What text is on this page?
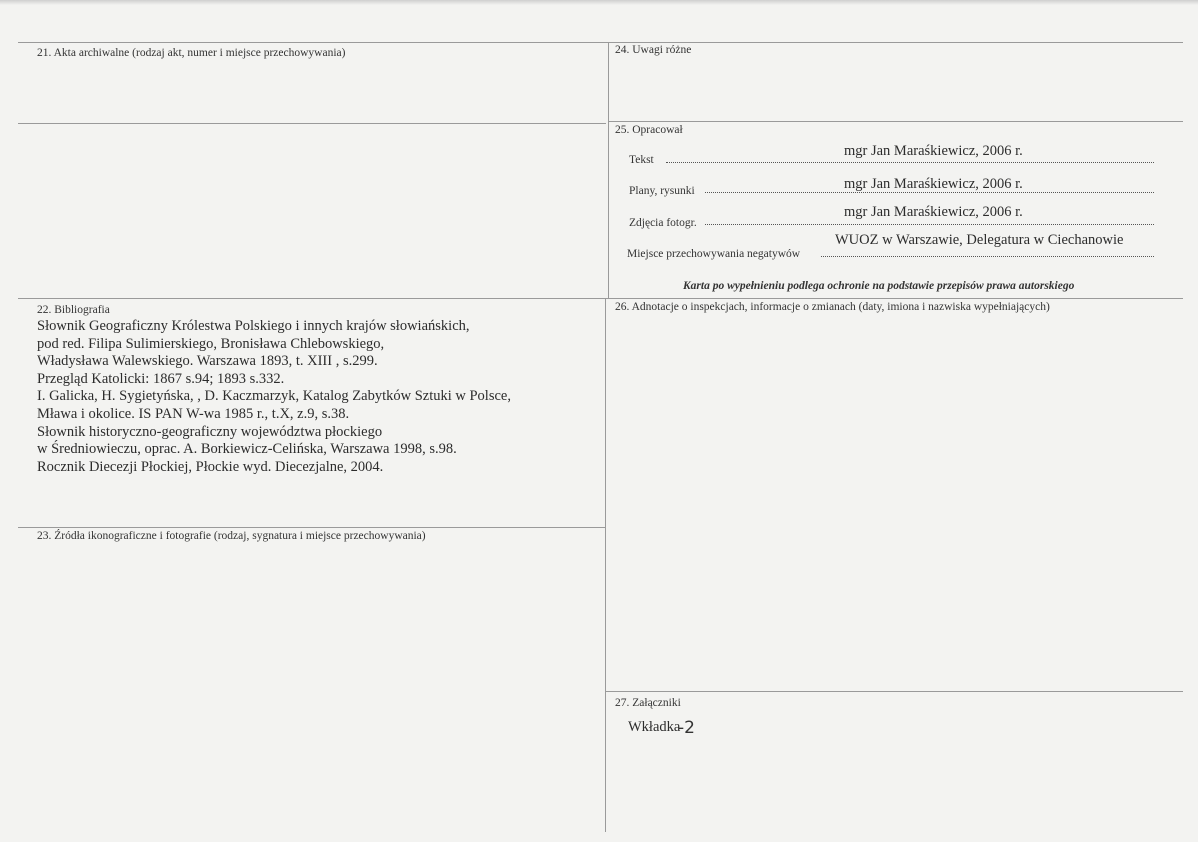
21. Akta archiwalne (rodzaj akt, numer i miejsce przechowywania)	24. Uwagi różne
25. Opracował
Tekst
mgr Jan Maraśkiewicz, 2006 r.
Plany, rysunki	mgr Jan Maraśkiewicz, 2006 r.
Zdjęcia fotogr.
mgr Jan Maraśkiewicz, 2006 r.
Miejsce przechowywania negatywów
WUOZ w Warszawie, Delegatura w Ciechanowie
Karta po wypełnieniu podlega ochronie na podstawie przepisów prawa autorskiego
22. Bibliografia
Słownik Geograficzny Królestwa Polskiego i innych krajów słowiańskich,
pod red. Filipa Sulimierskiego, Bronisława Chlebowskiego,
Władysława Walewskiego. Warszawa 1893, t. XIII , s.299.
Przegląd Katolicki: 1867 s.94; 1893 s.332.
I. Galicka, H. Sygietyńska, , D. Kaczmarzyk, Katalog Zabytków Sztuki w Polsce,
Mława i okolice. IS PAN W-wa 1985 r., t.X, z.9, s.38.
Słownik historyczno-geograficzny województwa płockiego
w Średniowieczu, oprac. A. Borkiewicz-Celińska, Warszawa 1998, s.98.
Rocznik Diecezji Płockiej, Płockie wyd. Diecezjalne, 2004.
23. Źródła ikonograficzne i fotografie (rodzaj, sygnatura i miejsce przechowywania)
26. Adnotacje o inspekcjach, informacje o zmianach (daty, imiona i nazwiska wypełniających)
27. Załączniki
Wkładka
-2
